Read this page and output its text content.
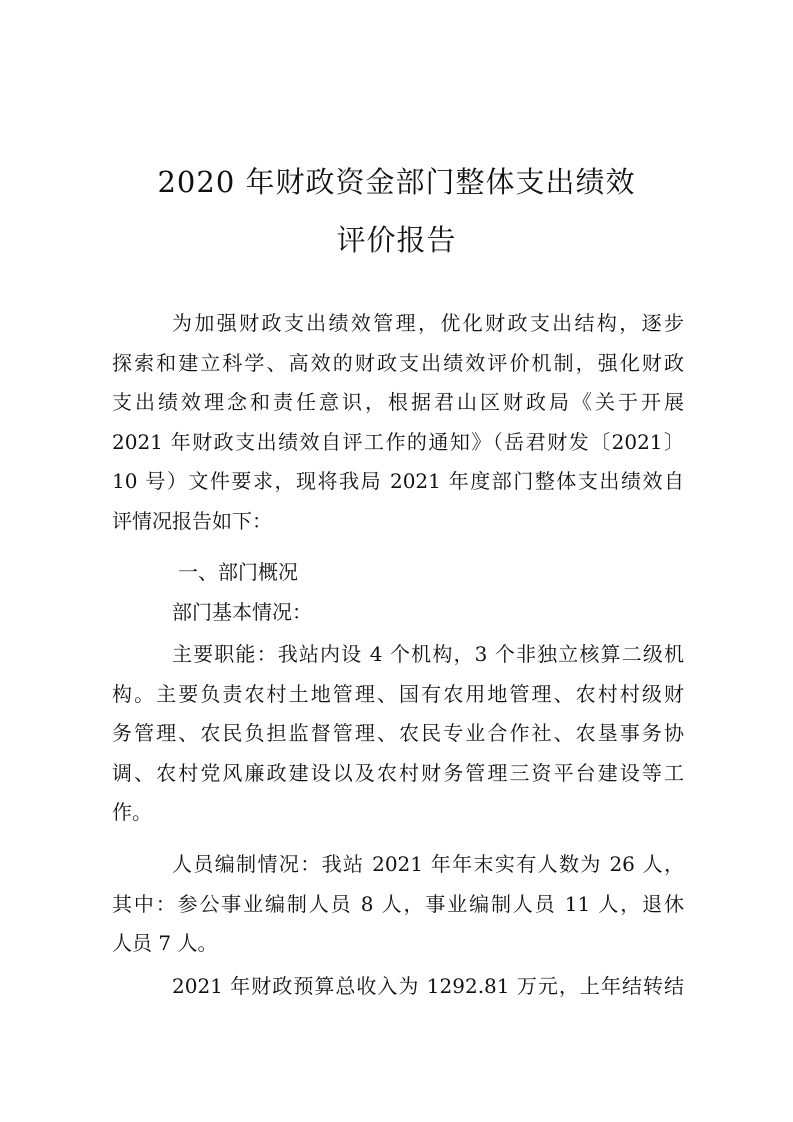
2020 年财政资金部门整体支出绩效
评价报告
为加强财政支出绩效管理，优化财政支出结构，逐步
探索和建立科学、高效的财政支出绩效评价机制，强化财政
支出绩效理念和责任意识，根据君山区财政局《关于开展
2021 年财政支出绩效自评工作的通知》（岳君财发〔2021〕
10 号）文件要求，现将我局 2021 年度部门整体支出绩效自
评情况报告如下：
一、部门概况
部门基本情况：
主要职能：我站内设 4 个机构，3 个非独立核算二级机
构。主要负责农村土地管理、国有农用地管理、农村村级财
务管理、农民负担监督管理、农民专业合作社、农垦事务协
调、农村党风廉政建设以及农村财务管理三资平台建设等工
作。
人员编制情况：我站 2021 年年末实有人数为 26 人，
其中：参公事业编制人员 8 人，事业编制人员 11 人，退休
人员 7 人。
2021 年财政预算总收入为 1292.81 万元，上年结转结
